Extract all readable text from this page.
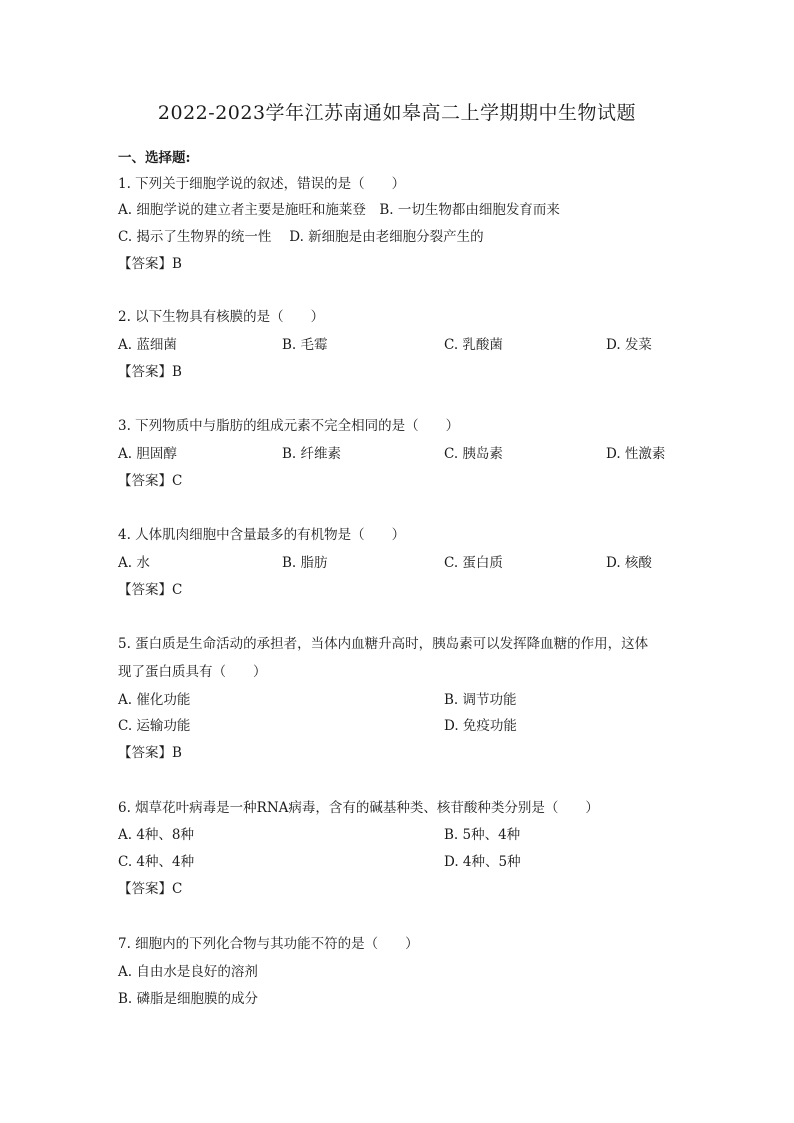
2022-2023学年江苏南通如皋高二上学期期中生物试题
一、选择题:
1. 下列关于细胞学说的叙述，错误的是（　　）
A. 细胞学说的建立者主要是施旺和施莱登　B. 一切生物都由细胞发育而来
C. 揭示了生物界的统一性　 D. 新细胞是由老细胞分裂产生的
【答案】B
2. 以下生物具有核膜的是（　　）
A. 蓝细菌	B. 毛霉	C. 乳酸菌	D. 发菜
【答案】B
3. 下列物质中与脂肪的组成元素不完全相同的是（　　）
A. 胆固醇	B. 纤维素	C. 胰岛素	D. 性激素
【答案】C
4. 人体肌肉细胞中含量最多的有机物是（　　）
A. 水	B. 脂肪	C. 蛋白质	D. 核酸
【答案】C
5. 蛋白质是生命活动的承担者，当体内血糖升高时，胰岛素可以发挥降血糖的作用，这体
现了蛋白质具有（　　）
A. 催化功能	B. 调节功能
C. 运输功能	D. 免疫功能
【答案】B
6. 烟草花叶病毒是一种RNA病毒，含有的碱基种类、核苷酸种类分别是（　　）
A. 4种、8种	B. 5种、4种
C. 4种、4种	D. 4种、5种
【答案】C
7. 细胞内的下列化合物与其功能不符的是（　　）
A. 自由水是良好的溶剂
B. 磷脂是细胞膜的成分
